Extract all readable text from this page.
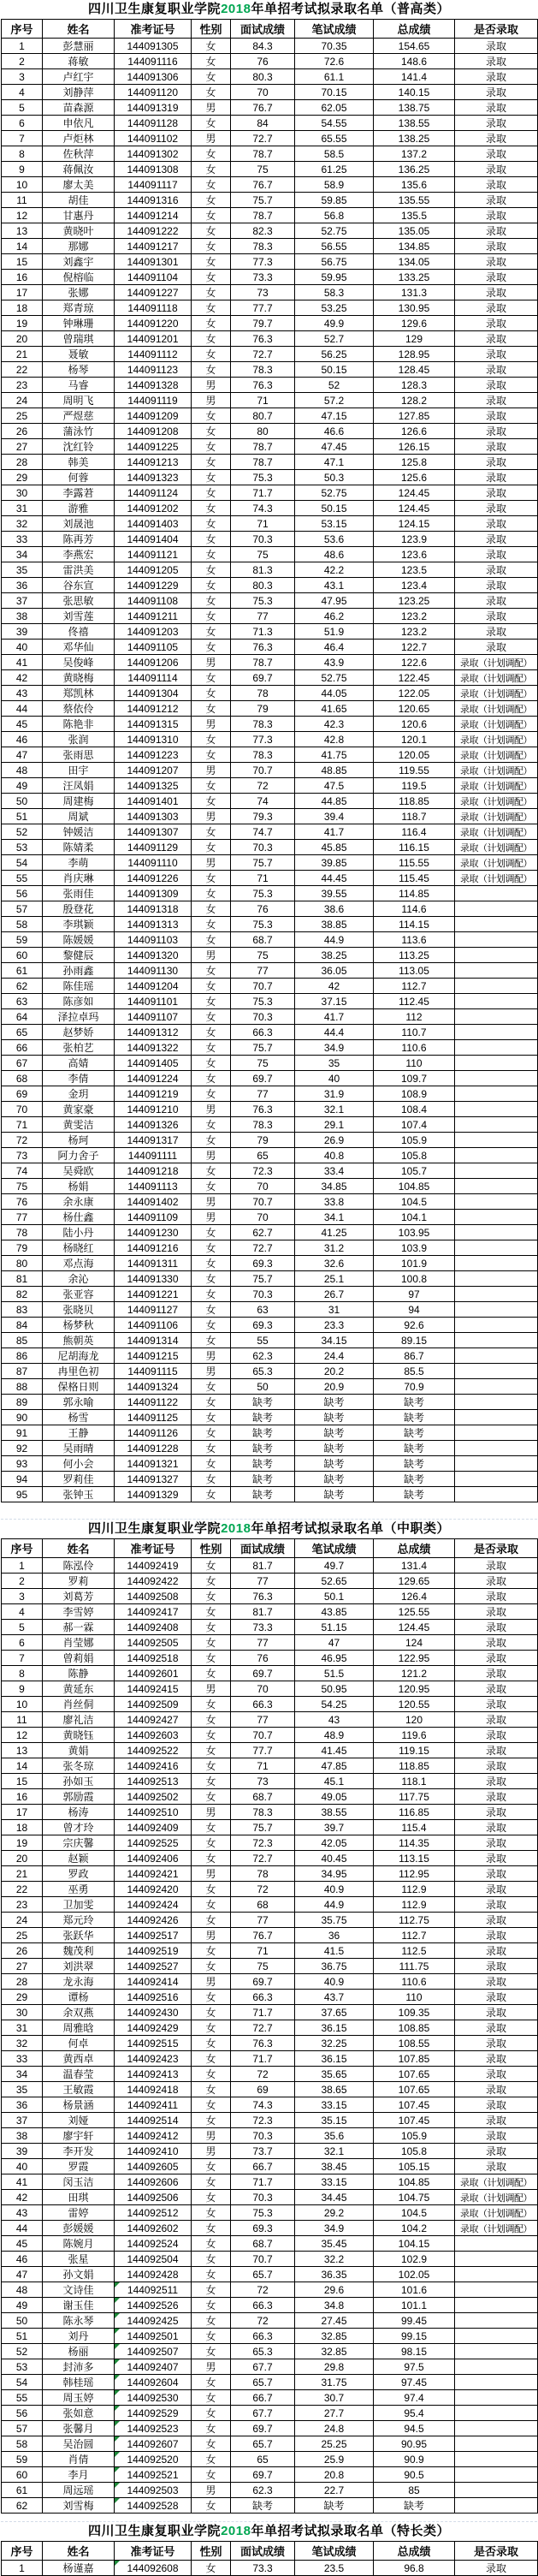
四川卫生康复职业学院2018年单招考试拟录取名单（普高类）
序号	姓名	准考证号	性别	面试成绩	笔试成绩	总成绩	是否录取
1	彭慧丽	144091305	女	84.3	70.35	154.65	录取
2	蒋敏	144091116	女	76	72.6	148.6	录取
3	卢红宇	144091306	女	80.3	61.1	141.4	录取
4	刘静萍	144091120	女	70	70.15	140.15	录取
5	苗森源	144091319	男	76.7	62.05	138.75	录取
6	申依凡	144091128	女	84	54.55	138.55	录取
7	卢炬林	144091102	男	72.7	65.55	138.25	录取
8	佐秋萍	144091302	女	78.7	58.5	137.2	录取
9	蒋佩汝	144091308	女	75	61.25	136.25	录取
10	廖太美	144091117	女	76.7	58.9	135.6	录取
11	胡佳	144091316	女	75.7	59.85	135.55	录取
12	甘惠丹	144091214	女	78.7	56.8	135.5	录取
13	黄晓叶	144091222	女	82.3	52.75	135.05	录取
14	那娜	144091217	女	78.3	56.55	134.85	录取
15	刘鑫宇	144091301	女	77.3	56.75	134.05	录取
16	倪榕临	144091104	女	73.3	59.95	133.25	录取
17	张娜	144091227	女	73	58.3	131.3	录取
18	郑青琼	144091118	女	77.7	53.25	130.95	录取
19	钟琳珊	144091220	女	79.7	49.9	129.6	录取
20	曾瑞琪	144091201	女	76.3	52.7	129	录取
21	聂敏	144091112	女	72.7	56.25	128.95	录取
22	杨琴	144091123	女	78.3	50.15	128.45	录取
23	马睿	144091328	男	76.3	52	128.3	录取
24	周明飞	144091119	男	71	57.2	128.2	录取
25	严煜慈	144091209	女	80.7	47.15	127.85	录取
26	蒲泳竹	144091208	女	80	46.6	126.6	录取
27	沈红铃	144091225	女	78.7	47.45	126.15	录取
28	韩美	144091213	女	78.7	47.1	125.8	录取
29	何蓉	144091323	女	75.3	50.3	125.6	录取
30	李露莙	144091124	女	71.7	52.75	124.45	录取
31	游雅	144091202	女	74.3	50.15	124.45	录取
32	刘晟池	144091403	女	71	53.15	124.15	录取
33	陈再芳	144091404	女	70.3	53.6	123.9	录取
34	李燕宏	144091121	女	75	48.6	123.6	录取
35	雷洪美	144091205	女	81.3	42.2	123.5	录取
36	谷东宣	144091229	女	80.3	43.1	123.4	录取
37	张思敏	144091108	女	75.3	47.95	123.25	录取
38	刘雪莲	144091211	女	77	46.2	123.2	录取
39	佟禧	144091203	女	71.3	51.9	123.2	录取
40	邓华仙	144091105	女	76.3	46.4	122.7	录取
41	吴俊峰	144091206	男	78.7	43.9	122.6	录取（计划调配）
42	黄晓梅	144091114	女	69.7	52.75	122.45	录取（计划调配）
43	郑凯林	144091304	女	78	44.05	122.05	录取（计划调配）
44	蔡依伶	144091212	女	79	41.65	120.65	录取（计划调配）
45	陈艳非	144091315	男	78.3	42.3	120.6	录取（计划调配）
46	张润	144091310	女	77.3	42.8	120.1	录取（计划调配）
47	张雨思	144091223	女	78.3	41.75	120.05	录取（计划调配）
48	田宇	144091207	男	70.7	48.85	119.55	录取（计划调配）
49	汪凤娟	144091325	女	72	47.5	119.5	录取（计划调配）
50	周建梅	144091401	女	74	44.85	118.85	录取（计划调配）
51	周斌	144091303	男	79.3	39.4	118.7	录取（计划调配）
52	钟媛洁	144091307	女	74.7	41.7	116.4	录取（计划调配）
53	陈婧柔	144091129	女	70.3	45.85	116.15	录取（计划调配）
54	李萌	144091110	男	75.7	39.85	115.55	录取（计划调配）
55	肖庆琳	144091226	女	71	44.45	115.45	录取（计划调配）
56	张雨佳	144091309	女	75.3	39.55	114.85	
57	殷登花	144091318	女	76	38.6	114.6	
58	李琪颖	144091313	女	75.3	38.85	114.15	
59	陈媛媛	144091103	女	68.7	44.9	113.6	
60	黎健辰	144091320	男	75	38.25	113.25	
61	孙雨鑫	144091130	女	77	36.05	113.05	
62	陈佳瑶	144091204	女	70.7	42	112.7	
63	陈彦如	144091101	女	75.3	37.15	112.45	
64	泽拉卓玛	144091107	女	70.3	41.7	112	
65	赵梦娇	144091312	女	66.3	44.4	110.7	
66	张柏艺	144091322	女	75.7	34.9	110.6	
67	高婧	144091405	女	75	35	110	
68	李倩	144091224	女	69.7	40	109.7	
69	金玥	144091219	女	77	31.9	108.9	
70	黄家豪	144091210	男	76.3	32.1	108.4	
71	黄雯洁	144091326	女	78.3	29.1	107.4	
72	杨珂	144091317	女	79	26.9	105.9	
73	阿力舍子	144091111	男	65	40.8	105.8	
74	吴舜欧	144091218	女	72.3	33.4	105.7	
75	杨娟	144091113	女	70	34.85	104.85	
76	余永康	144091402	男	70.7	33.8	104.5	
77	杨仕鑫	144091109	男	70	34.1	104.1	
78	陆小丹	144091230	女	62.7	41.25	103.95	
79	杨晓红	144091216	女	72.7	31.2	103.9	
80	邓点海	144091311	女	69.3	32.6	101.9	
81	余沁	144091330	女	75.7	25.1	100.8	
82	张亚容	144091221	女	70.3	26.7	97	
83	张晓贝	144091127	女	63	31	94	
84	杨梦秋	144091106	女	69.3	23.3	92.6	
85	熊朝英	144091314	女	55	34.15	89.15	
86	尼胡海龙	144091215	男	62.3	24.4	86.7	
87	冉里色初	144091115	男	65.3	20.2	85.5	
88	保格日则	144091324	女	50	20.9	70.9	
89	郭永喻	144091122	女	缺考	缺考	缺考	
90	杨雪	144091125	女	缺考	缺考	缺考	
91	王静	144091126	女	缺考	缺考	缺考	
92	吴雨晴	144091228	女	缺考	缺考	缺考	
93	何小会	144091321	女	缺考	缺考	缺考	
94	罗莉佳	144091327	女	缺考	缺考	缺考	
95	张钟玉	144091329	女	缺考	缺考	缺考	
四川卫生康复职业学院2018年单招考试拟录取名单（中职类）
序号	姓名	准考证号	性别	面试成绩	笔试成绩	总成绩	是否录取
1	陈泓伶	144092419	女	81.7	49.7	131.4	录取
2	罗莉	144092422	女	77	52.65	129.65	录取
3	刘葛芳	144092508	女	76.3	50.1	126.4	录取
4	李雪婷	144092417	女	81.7	43.85	125.55	录取
5	郝一霖	144092408	女	73.3	51.15	124.45	录取
6	肖莹娜	144092505	女	77	47	124	录取
7	曾莉娟	144092518	女	76	46.95	122.95	录取
8	陈静	144092601	女	69.7	51.5	121.2	录取
9	黄延东	144092415	男	70	50.95	120.95	录取
10	肖丝侗	144092509	女	66.3	54.25	120.55	录取
11	廖礼洁	144092427	女	77	43	120	录取
12	黄晓钰	144092603	女	70.7	48.9	119.6	录取
13	黄娟	144092522	女	77.7	41.45	119.15	录取
14	张冬琼	144092416	女	71	47.85	118.85	录取
15	孙如玉	144092513	女	73	45.1	118.1	录取
16	郭励霞	144092502	女	68.7	49.05	117.75	录取
17	杨涛	144092510	男	78.3	38.55	116.85	录取
18	曾才玲	144092409	女	75.7	39.7	115.4	录取
19	宗庆馨	144092525	女	72.3	42.05	114.35	录取
20	赵颖	144092406	女	72.7	40.45	113.15	录取
21	罗政	144092421	男	78	34.95	112.95	录取
22	巫勇	144092420	女	72	40.9	112.9	录取
23	卫加雯	144092424	女	68	44.9	112.9	录取
24	郑元玲	144092426	女	77	35.75	112.75	录取
25	张跃华	144092517	男	76.7	36	112.7	录取
26	魏茂利	144092519	女	71	41.5	112.5	录取
27	刘洪翠	144092527	女	75	36.75	111.75	录取
28	龙永海	144092414	男	69.7	40.9	110.6	录取
29	谭杨	144092516	女	66.3	43.7	110	录取
30	余双燕	144092430	女	71.7	37.65	109.35	录取
31	周雅晗	144092429	女	72.7	36.15	108.85	录取
32	何卓	144092515	女	76.3	32.25	108.55	录取
33	黄西卓	144092423	女	71.7	36.15	107.85	录取
34	温春莹	144092413	女	72	35.65	107.65	录取
35	王敏霞	144092418	女	69	38.65	107.65	录取
36	杨景涵	144092411	女	74.3	33.15	107.45	录取
37	刘娅	144092514	女	72.3	35.15	107.45	录取
38	廖宇轩	144092412	男	70.3	35.6	105.9	录取
39	李开发	144092410	男	73.7	32.1	105.8	录取
40	罗霞	144092605	女	66.7	38.45	105.15	录取
41	闵玉洁	144092606	女	71.7	33.15	104.85	录取（计划调配）
42	田琪	144092506	女	70.3	34.45	104.75	录取（计划调配）
43	雷婷	144092512	女	75.3	29.2	104.5	录取（计划调配）
44	彭媛媛	144092602	女	69.3	34.9	104.2	录取（计划调配）
45	陈婉月	144092524	女	68.7	35.45	104.15	
46	张星	144092504	女	70.7	32.2	102.9	
47	孙文娟	144092428	女	65.7	36.35	102.05	
48	文诗佳	144092511	女	72	29.6	101.6	
49	谢玉佳	144092526	女	66.3	34.8	101.1	
50	陈永琴	144092425	女	72	27.45	99.45	
51	刘丹	144092501	女	66.3	32.85	99.15	
52	杨丽	144092507	女	65.3	32.85	98.15	
53	封沛多	144092407	男	67.7	29.8	97.5	
54	韩桂瑶	144092604	女	65.7	31.75	97.45	
55	周玉婷	144092530	女	66.7	30.7	97.4	
56	张如意	144092529	女	67.7	27.7	95.4	
57	张馨月	144092523	女	69.7	24.8	94.5	
58	吴治圆	144092607	女	65.7	25.25	90.95	
59	肖倩	144092520	女	65	25.9	90.9	
60	李月	144092521	女	69.7	20.8	90.5	
61	周远瑶	144092503	男	62.3	22.7	85	
62	刘雪梅	144092528	女	缺考	缺考	缺考	
四川卫生康复职业学院2018年单招考试拟录取名单（特长类）
序号	姓名	准考证号	性别	面试成绩	笔试成绩	总成绩	是否录取
1	杨谨嘉	144092608	女	73.3	23.5	96.8	录取
